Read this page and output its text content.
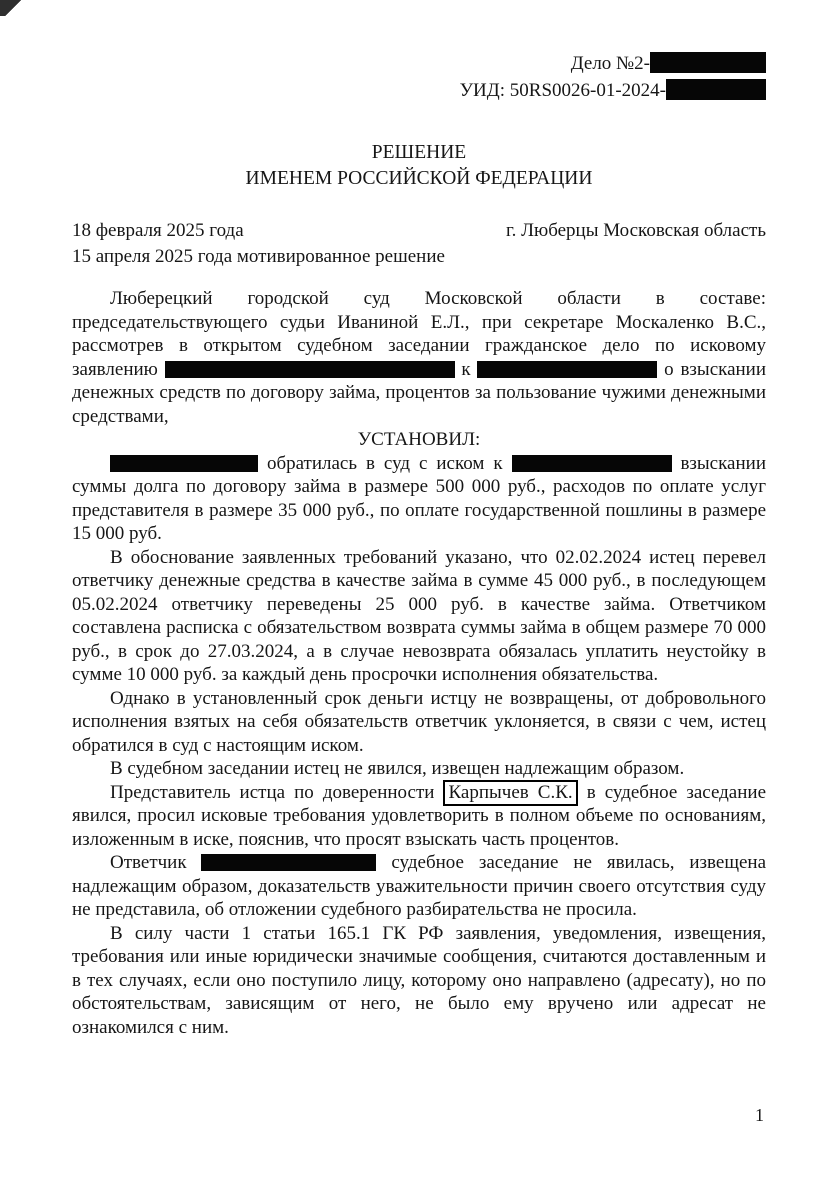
Дело №2-
УИД: 50RS0026-01-2024-
РЕШЕНИЕ
ИМЕНЕМ РОССИЙСКОЙ ФЕДЕРАЦИИ
18 февраля 2025 года	г. Люберцы Московская область
15 апреля 2025 года мотивированное решение

Люберецкий городской суд Московской области в составе: председательствующего судьи Иваниной Е.Л., при секретаре Москаленко В.С., рассмотрев в открытом судебном заседании гражданское дело по исковому заявлению	к	о взыскании денежных средств по договору займа, процентов за пользование чужими денежными средствами,

УСТАНОВИЛ:

обратилась в суд с иском к	взыскании суммы долга по договору займа в размере 500 000 руб., расходов по оплате услуг представителя в размере 35 000 руб., по оплате государственной пошлины в размере 15 000 руб.

В обоснование заявленных требований указано, что 02.02.2024 истец перевел ответчику денежные средства в качестве займа в сумме 45 000 руб., в последующем 05.02.2024 ответчику переведены 25 000 руб. в качестве займа. Ответчиком составлена расписка с обязательством возврата суммы займа в общем размере 70 000 руб., в срок до 27.03.2024, а в случае невозврата обязалась уплатить неустойку в сумме 10 000 руб. за каждый день просрочки исполнения обязательства.

Однако в установленный срок деньги истцу не возвращены, от добровольного исполнения взятых на себя обязательств ответчик уклоняется, в связи с чем, истец обратился в суд с настоящим иском.

В судебном заседании истец не явился, извещен надлежащим образом.

Представитель истца по доверенности Карпычев С.К. в судебное заседание явился, просил исковые требования удовлетворить в полном объеме по основаниям, изложенным в иске, пояснив, что просят взыскать часть процентов.

Ответчик	судебное заседание не явилась, извещена надлежащим образом, доказательств уважительности причин своего отсутствия суду не представила, об отложении судебного разбирательства не просила.

В силу части 1 статьи 165.1 ГК РФ заявления, уведомления, извещения, требования или иные юридически значимые сообщения, считаются доставленным и в тех случаях, если оно поступило лицу, которому оно направлено (адресату), но по обстоятельствам, зависящим от него, не было ему вручено или адресат не ознакомился с ним.

1
